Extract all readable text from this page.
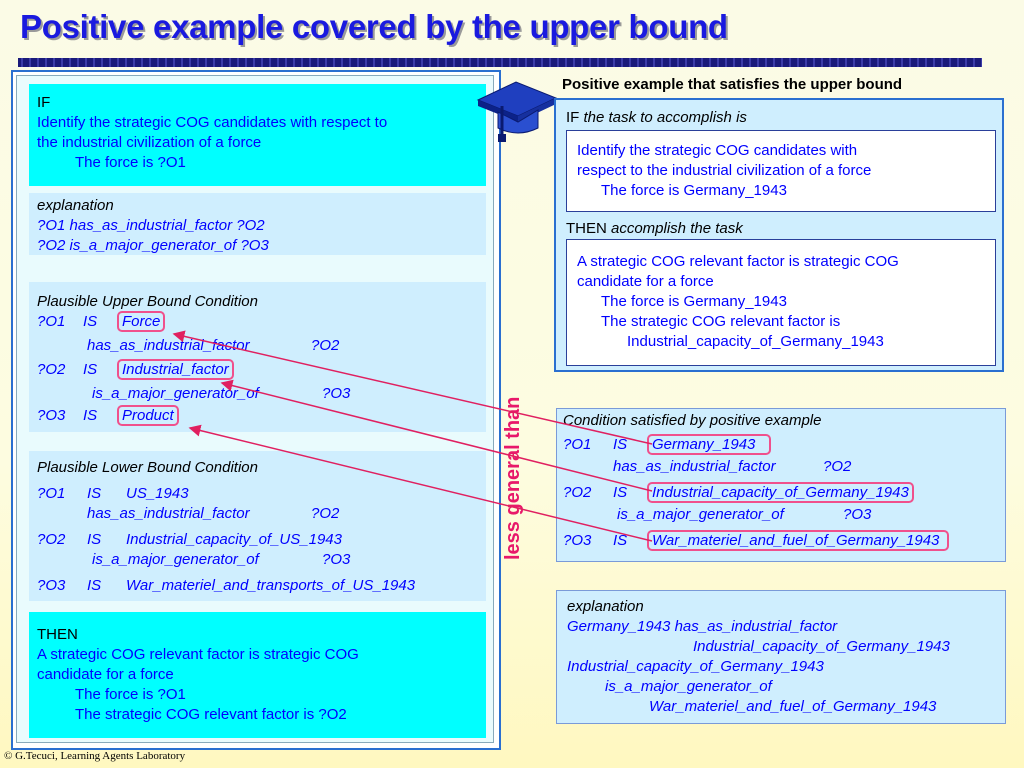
Positive example covered by the upper bound
IF
Identify the strategic COG candidates with respect to
the industrial civilization of a force
The force is ?O1
explanation
?O1 has_as_industrial_factor ?O2
?O2 is_a_major_generator_of ?O3
Plausible Upper Bound Condition
?O1 IS Force
has_as_industrial_factor	?O2
?O2 IS Industrial_factor
is_a_major_generator_of	?O3
?O3 IS Product
Plausible Lower Bound Condition
?O1 IS US_1943
has_as_industrial_factor	?O2
?O2 IS Industrial_capacity_of_US_1943
is_a_major_generator_of	?O3
?O3 IS War_materiel_and_transports_of_US_1943
THEN
A strategic COG relevant factor is strategic COG
candidate for a force
The force is ?O1
The strategic COG relevant factor is ?O2
less general than
Positive example that satisfies the upper bound
IF the task to accomplish is
Identify the strategic COG candidates with
respect to the industrial civilization of a force
The force is Germany_1943
THEN accomplish the task
A strategic COG relevant factor is strategic COG
candidate for a force
The force is Germany_1943
The strategic COG relevant factor is
Industrial_capacity_of_Germany_1943
Condition satisfied by positive example
?O1 IS Germany_1943
has_as_industrial_factor	?O2
?O2 IS Industrial_capacity_of_Germany_1943
is_a_major_generator_of	?O3
?O3 IS War_materiel_and_fuel_of_Germany_1943
explanation
Germany_1943 has_as_industrial_factor
Industrial_capacity_of_Germany_1943
Industrial_capacity_of_Germany_1943
is_a_major_generator_of
War_materiel_and_fuel_of_Germany_1943
© G.Tecuci, Learning Agents Laboratory
